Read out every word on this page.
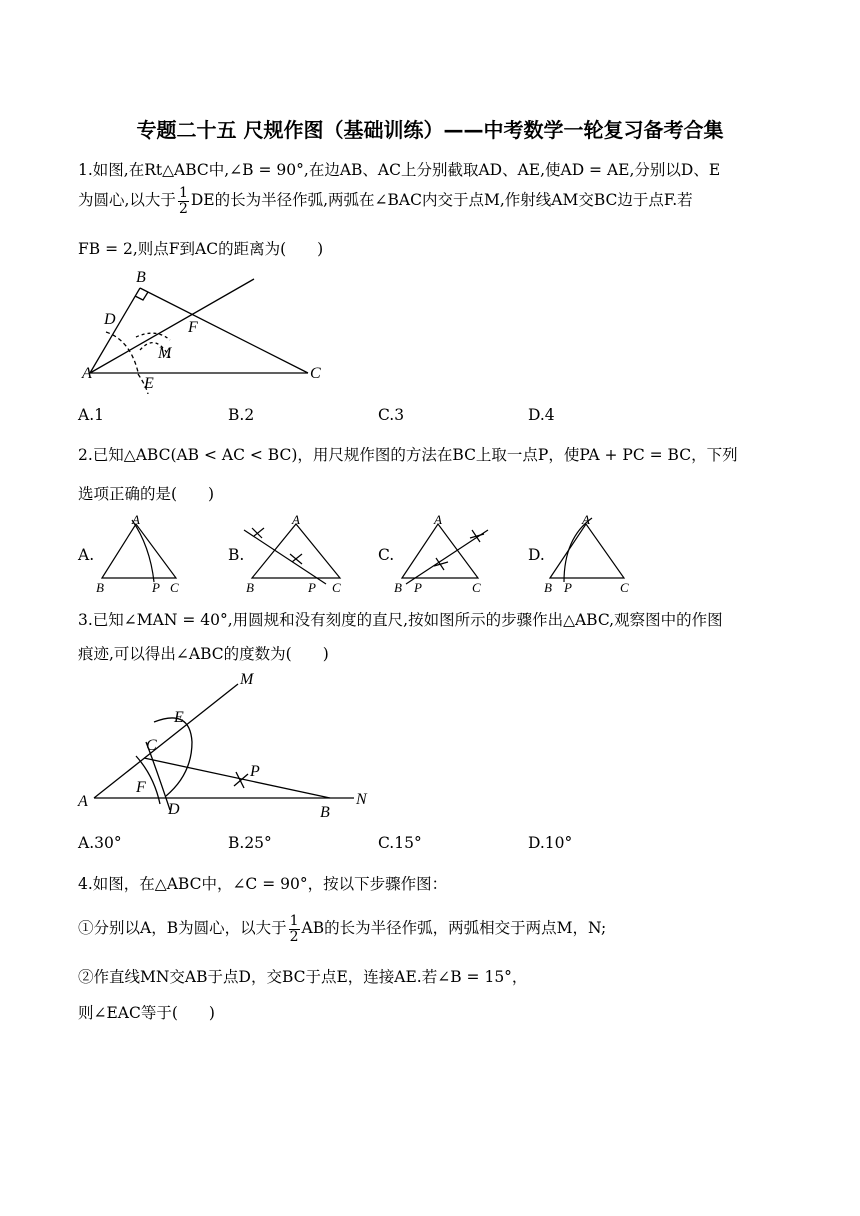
专题二十五 尺规作图（基础训练）——中考数学一轮复习备考合集
1.如图,在Rt△ABC中,∠B = 90°,在边AB、AC上分别截取AD、AE,使AD = AE,分别以D、E
为圆心,以大于 $\frac{1}{2}$ DE的长为半径作弧,两弧在∠BAC内交于点M,作射线AM交BC边于点F.若
FB = 2,则点F到AC的距离为(　　)
A
B
C
D
E
F
M
A.1	B.2	C.3	D.4
2.已知△ABC(AB < AC < BC)，用尺规作图的方法在BC上取一点P，使PA + PC = BC，下列
选项正确的是(　　)
A.	B.	C.	D.
A
B	P C
A
B	P C
A
B P	C
A
B P	C
3.已知∠MAN = 40°,用圆规和没有刻度的直尺,按如图所示的步骤作出△ABC,观察图中的作图
痕迹,可以得出∠ABC的度数为(　　)
A
B
C
D
E
F
M
N
P
A.30°	B.25°	C.15°	D.10°
4.如图，在△ABC中，∠C = 90°，按以下步骤作图：
①分别以A，B为圆心，以大于 $\frac{1}{2}$ AB的长为半径作弧，两弧相交于两点M，N;
②作直线MN交AB于点D，交BC于点E，连接AE.若∠B = 15°，
则∠EAC等于(　　)
